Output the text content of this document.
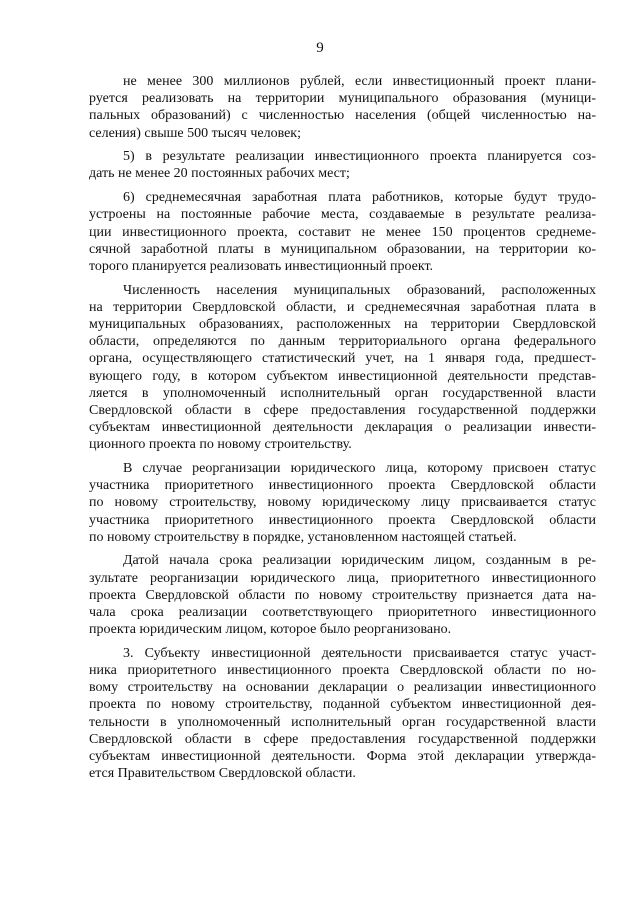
9
не менее 300 миллионов рублей, если инвестиционный проект плани-
руется реализовать на территории муниципального образования (муници-
пальных образований) с численностью населения (общей численностью на-
селения) свыше 500 тысяч человек;
5) в результате реализации инвестиционного проекта планируется соз-
дать не менее 20 постоянных рабочих мест;
6) среднемесячная заработная плата работников, которые будут трудо-
устроены на постоянные рабочие места, создаваемые в результате реализа-
ции инвестиционного проекта, составит не менее 150 процентов среднеме-
сячной заработной платы в муниципальном образовании, на территории ко-
торого планируется реализовать инвестиционный проект.
Численность населения муниципальных образований, расположенных
на территории Свердловской области, и среднемесячная заработная плата в
муниципальных образованиях, расположенных на территории Свердловской
области, определяются по данным территориального органа федерального
органа, осуществляющего статистический учет, на 1 января года, предшест-
вующего году, в котором субъектом инвестиционной деятельности представ-
ляется в уполномоченный исполнительный орган государственной власти
Свердловской области в сфере предоставления государственной поддержки
субъектам инвестиционной деятельности декларация о реализации инвести-
ционного проекта по новому строительству.
В случае реорганизации юридического лица, которому присвоен статус
участника приоритетного инвестиционного проекта Свердловской области
по новому строительству, новому юридическому лицу присваивается статус
участника приоритетного инвестиционного проекта Свердловской области
по новому строительству в порядке, установленном настоящей статьей.
Датой начала срока реализации юридическим лицом, созданным в ре-
зультате реорганизации юридического лица, приоритетного инвестиционного
проекта Свердловской области по новому строительству признается дата на-
чала срока реализации соответствующего приоритетного инвестиционного
проекта юридическим лицом, которое было реорганизовано.
3. Субъекту инвестиционной деятельности присваивается статус участ-
ника приоритетного инвестиционного проекта Свердловской области по но-
вому строительству на основании декларации о реализации инвестиционного
проекта по новому строительству, поданной субъектом инвестиционной дея-
тельности в уполномоченный исполнительный орган государственной власти
Свердловской области в сфере предоставления государственной поддержки
субъектам инвестиционной деятельности. Форма этой декларации утвержда-
ется Правительством Свердловской области.
